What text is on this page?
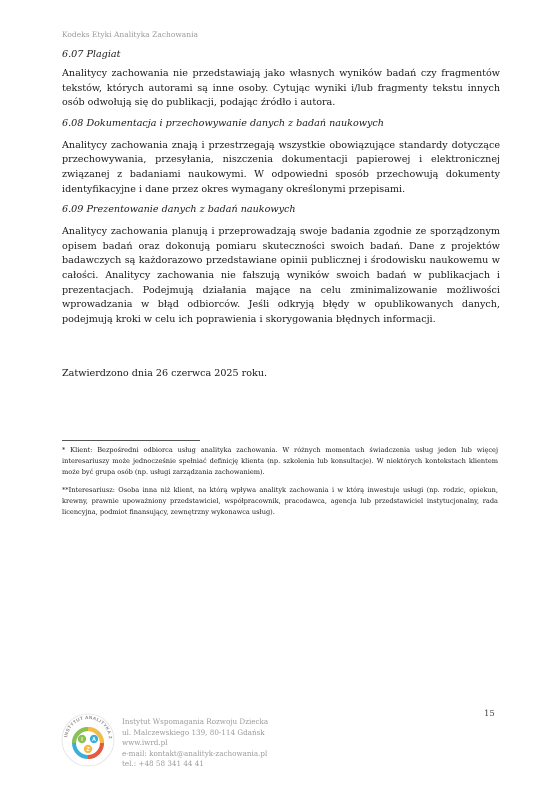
Kodeks Etyki Analityka Zachowania
6.07 Plagiat

Analitycy zachowania nie przedstawiają jako własnych wyników badań czy fragmentów tekstów, których autorami są inne osoby. Cytując wyniki i/lub fragmenty tekstu innych osób odwołują się do publikacji, podając źródło i autora.

6.08 Dokumentacja i przechowywanie danych z badań naukowych

Analitycy zachowania znają i przestrzegają wszystkie obowiązujące standardy dotyczące przechowywania, przesyłania, niszczenia dokumentacji papierowej i elektronicznej związanej z badaniami naukowymi. W odpowiedni sposób przechowują dokumenty identyfikacyjne i dane przez okres wymagany określonymi przepisami.

6.09 Prezentowanie danych z badań naukowych

Analitycy zachowania planują i przeprowadzają swoje badania zgodnie ze sporządzonym opisem badań oraz dokonują pomiaru skuteczności swoich badań. Dane z projektów badawczych są każdorazowo przedstawiane opinii publicznej i środowisku naukowemu w całości. Analitycy zachowania nie fałszują wyników swoich badań w publikacjach i prezentacjach. Podejmują działania mające na celu zminimalizowanie możliwości wprowadzania w błąd odbiorców. Jeśli odkryją błędy w opublikowanych danych, podejmują kroki w celu ich poprawienia i skorygowania błędnych informacji.

Zatwierdzono dnia 26 czerwca 2025 roku.

* Klient: Bezpośredni odbiorca usług analityka zachowania. W różnych momentach świadczenia usług jeden lub więcej interesariuszy może jednocześnie spełniać definicję klienta (np. szkolenia lub konsultacje). W niektórych kontekstach klientem może być grupa osób (np. usługi zarządzania zachowaniem).

**Interesariusz: Osoba inna niż klient, na którą wpływa analityk zachowania i w którą inwestuje usługi (np. rodzic, opiekun, krewny, prawnie upoważniony przedstawiciel, współpracownik, pracodawca, agencja lub przedstawiciel instytucjonalny, rada licencyjna, podmiot finansujący, zewnętrzny wykonawca usług).

15
INSTYTUT ANALITYKA Z
I A
Z
Instytut Wspomagania Rozwoju Dziecka
ul. Malczewskiego 139, 80-114 Gdańsk
www.iwrd.pl
e-mail: kontakt@analityk-zachowania.pl
tel.: +48 58 341 44 41
